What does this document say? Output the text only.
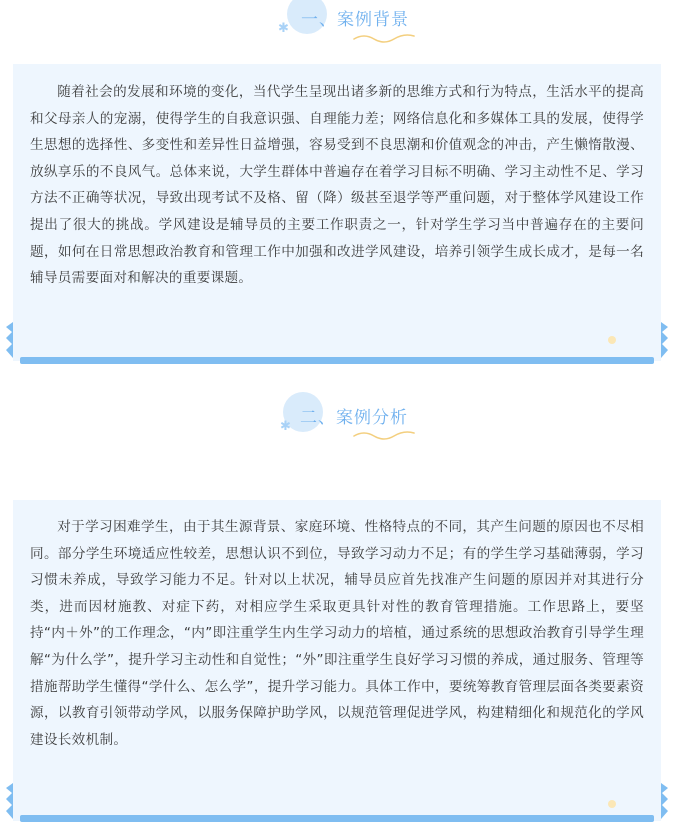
✱ 一、案例背景
随着社会的发展和环境的变化，当代学生呈现出诸多新的思维方式和行为特点，生活水平的提高和父母亲人的宠溺，使得学生的自我意识强、自理能力差；网络信息化和多媒体工具的发展，使得学生思想的选择性、多变性和差异性日益增强，容易受到不良思潮和价值观念的冲击，产生懒惰散漫、放纵享乐的不良风气。总体来说，大学生群体中普遍存在着学习目标不明确、学习主动性不足、学习方法不正确等状况，导致出现考试不及格、留（降）级甚至退学等严重问题，对于整体学风建设工作提出了很大的挑战。学风建设是辅导员的主要工作职责之一，针对学生学习当中普遍存在的主要问题，如何在日常思想政治教育和管理工作中加强和改进学风建设，培养引领学生成长成才，是每一名辅导员需要面对和解决的重要课题。
✱ 二、案例分析
对于学习困难学生，由于其生源背景、家庭环境、性格特点的不同，其产生问题的原因也不尽相同。部分学生环境适应性较差，思想认识不到位，导致学习动力不足；有的学生学习基础薄弱，学习习惯未养成，导致学习能力不足。针对以上状况，辅导员应首先找准产生问题的原因并对其进行分类，进而因材施教、对症下药，对相应学生采取更具针对性的教育管理措施。工作思路上，要坚持“内＋外”的工作理念，“内”即注重学生内生学习动力的培植，通过系统的思想政治教育引导学生理解“为什么学”，提升学习主动性和自觉性；“外”即注重学生良好学习习惯的养成，通过服务、管理等措施帮助学生懂得“学什么、怎么学”，提升学习能力。具体工作中，要统筹教育管理层面各类要素资源，以教育引领带动学风，以服务保障护助学风，以规范管理促进学风，构建精细化和规范化的学风建设长效机制。
